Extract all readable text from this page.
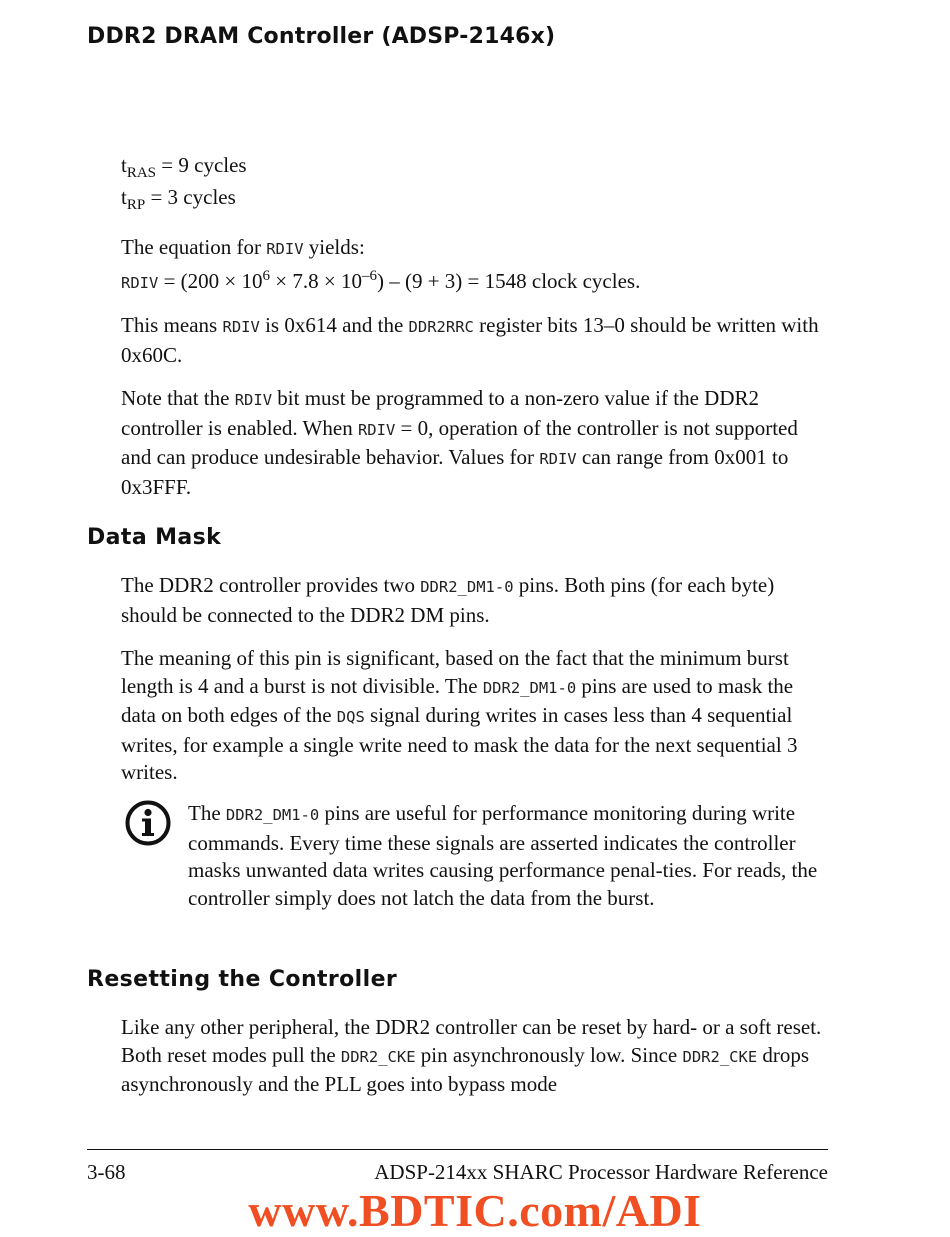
DDR2 DRAM Controller (ADSP-2146x)
$t_{RAS} = 9$ cycles
$t_{RP} = 3$ cycles
The equation for RDIV yields:
RDIV = $(200 \times 10^6 \times 7.8 \times 10^{-6}) - (9 + 3) = 1548$ clock cycles.

This means RDIV is 0x614 and the DDR2RRC register bits 13–0 should be written with 0x60C.

Note that the RDIV bit must be programmed to a non-zero value if the DDR2 controller is enabled. When RDIV = 0, operation of the controller is not supported and can produce undesirable behavior. Values for RDIV can range from 0x001 to 0x3FFF.

Data Mask

The DDR2 controller provides two DDR2_DM1-0 pins. Both pins (for each byte) should be connected to the DDR2 DM pins.

The meaning of this pin is significant, based on the fact that the minimum burst length is 4 and a burst is not divisible. The DDR2_DM1-0 pins are used to mask the data on both edges of the DQS signal during writes in cases less than 4 sequential writes, for example a single write need to mask the data for the next sequential 3 writes.

The DDR2_DM1-0 pins are useful for performance monitoring during write commands. Every time these signals are asserted indicates the controller masks unwanted data writes causing performance penal-ties. For reads, the controller simply does not latch the data from the burst.

Resetting the Controller

Like any other peripheral, the DDR2 controller can be reset by hard- or a soft reset. Both reset modes pull the DDR2_CKE pin asynchronously low. Since DDR2_CKE drops asynchronously and the PLL goes into bypass mode

3-68	ADSP-214xx SHARC Processor Hardware Reference
www.BDTIC.com/ADI
